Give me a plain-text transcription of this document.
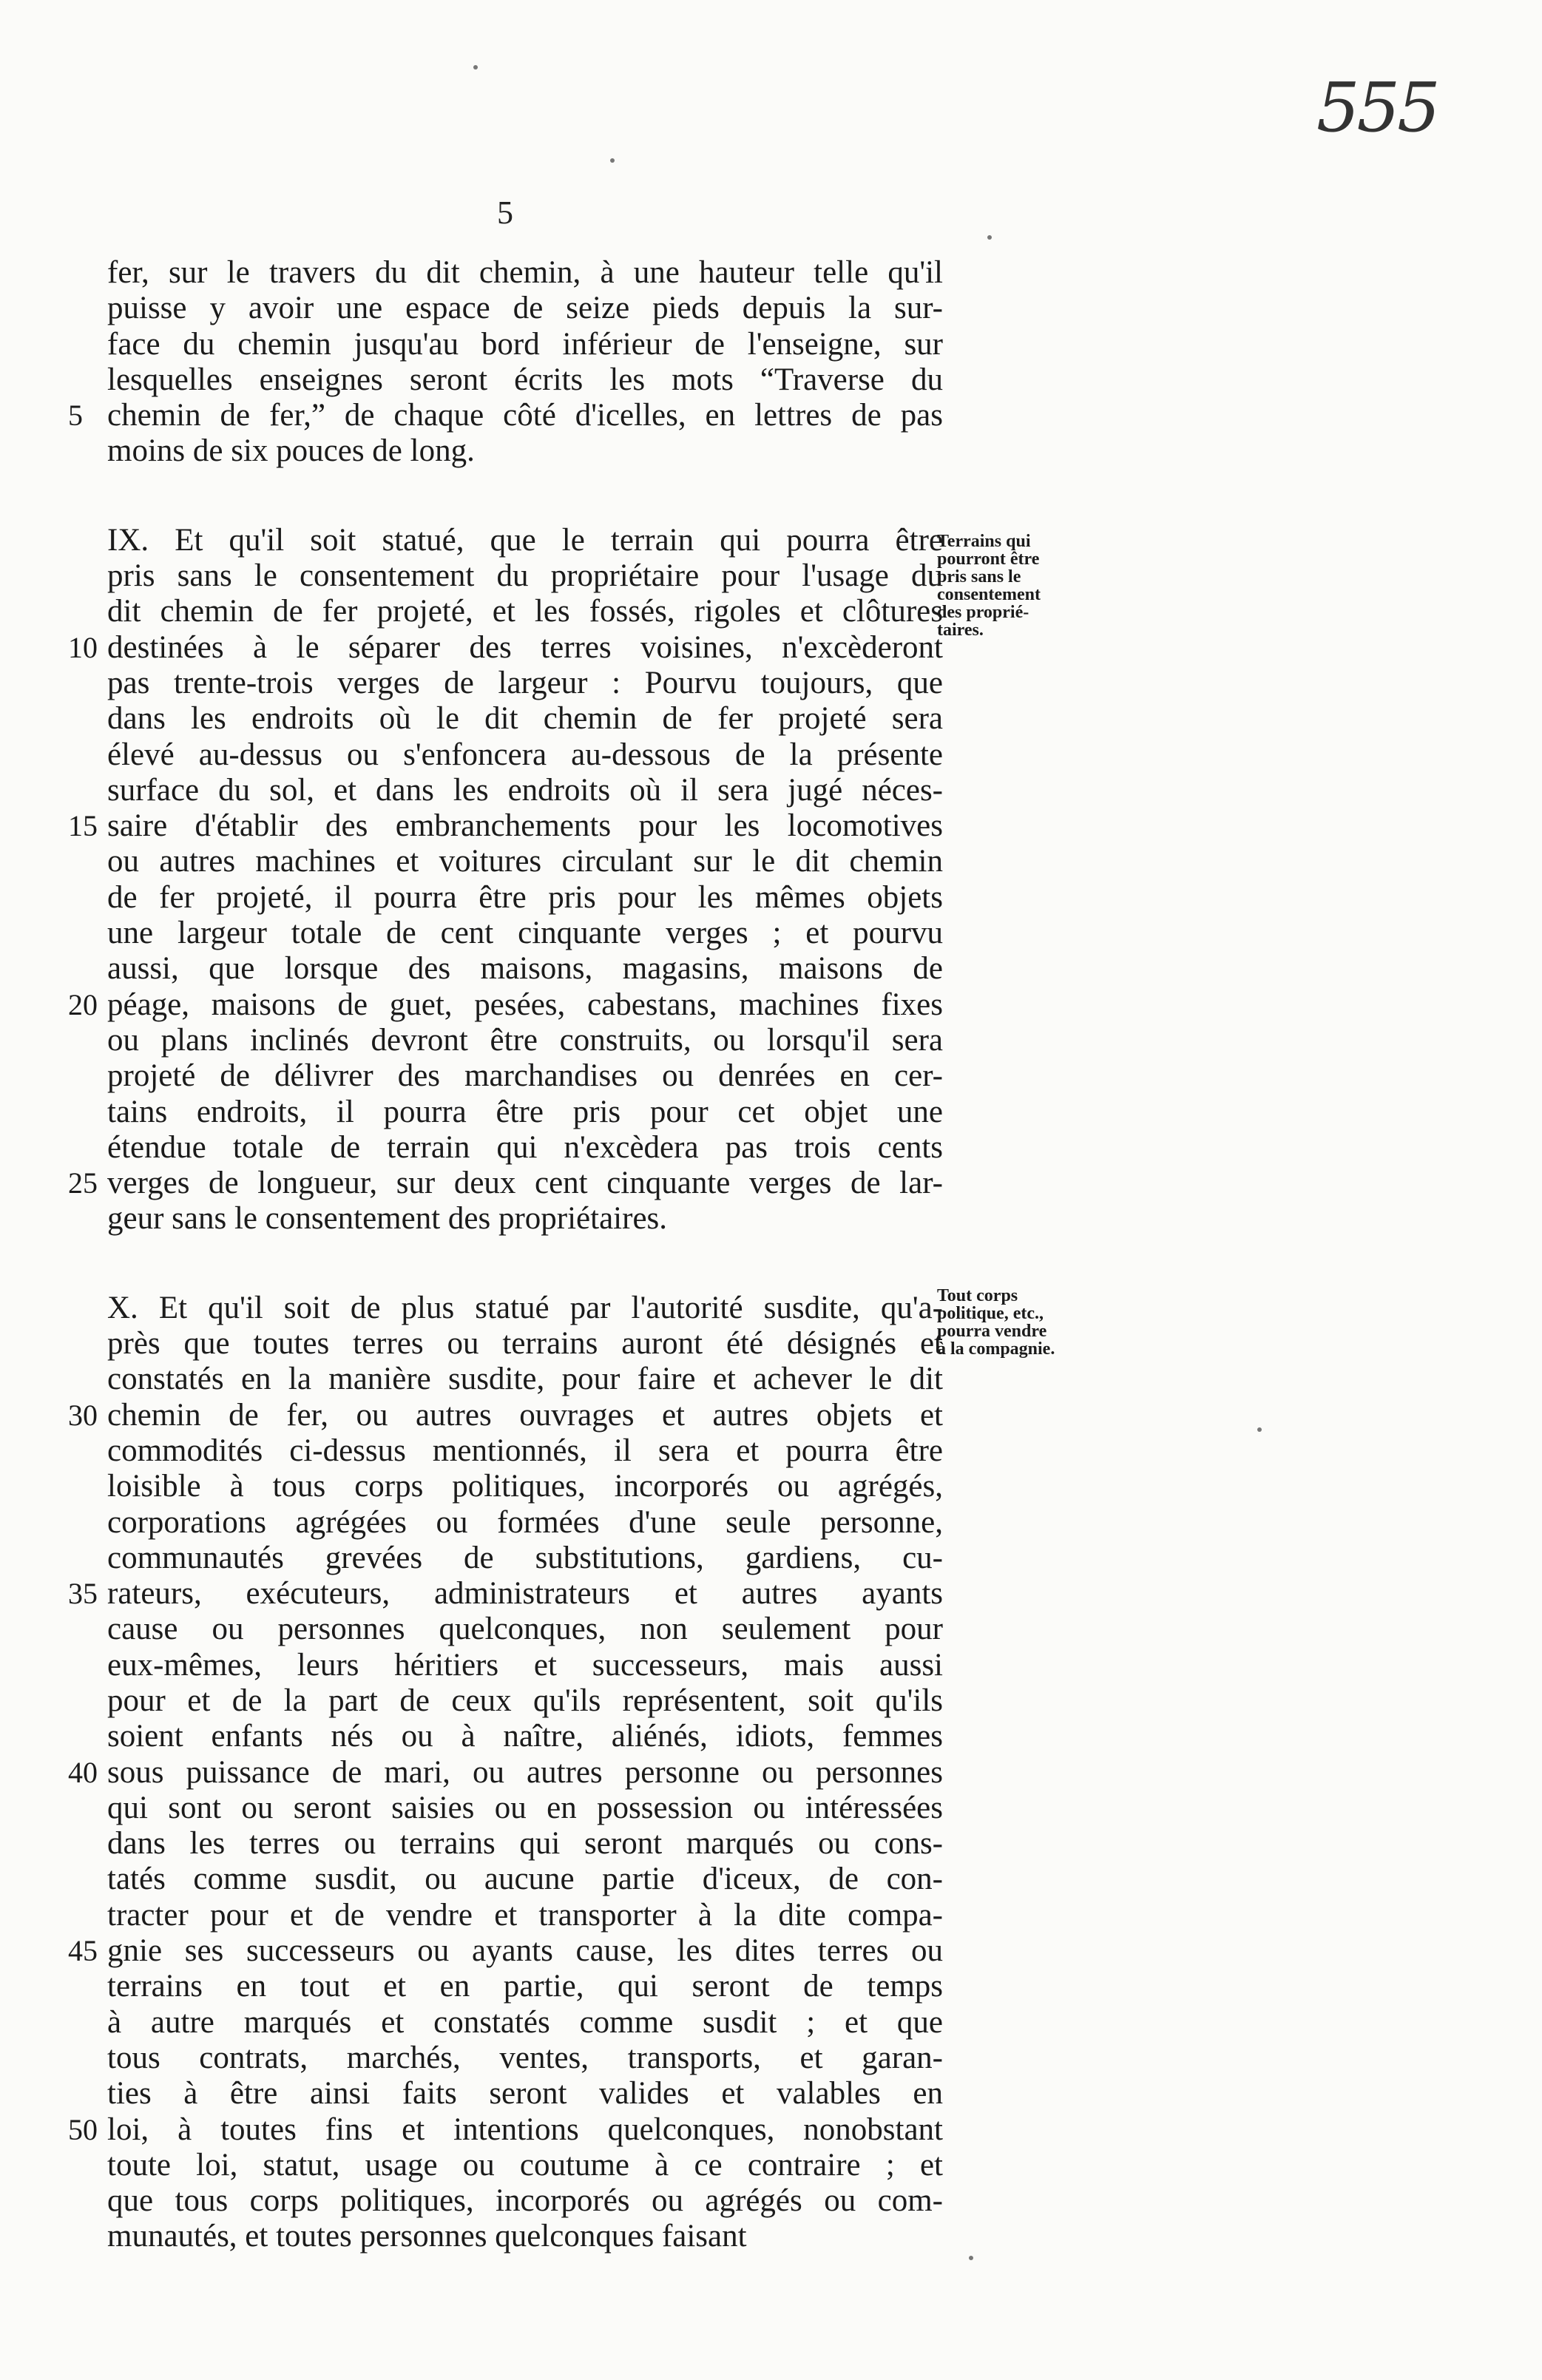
555
5
fer, sur le travers du dit chemin, à une hauteur telle qu'il
puisse y avoir une espace de seize pieds depuis la sur-
face du chemin jusqu'au bord inférieur de l'enseigne, sur
lesquelles enseignes seront écrits les mots “Traverse du
chemin de fer,” de chaque côté d'icelles, en lettres de pas
5
moins de six pouces de long.
IX. Et qu'il soit statué, que le terrain qui pourra être
pris sans le consentement du propriétaire pour l'usage du
dit chemin de fer projeté, et les fossés, rigoles et clôtures
destinées à le séparer des terres voisines, n'excèderont
10
pas trente-trois verges de largeur : Pourvu toujours, que
dans les endroits où le dit chemin de fer projeté sera
élevé au-dessus ou s'enfoncera au-dessous de la présente
surface du sol, et dans les endroits où il sera jugé néces-
saire d'établir des embranchements pour les locomotives
15
ou autres machines et voitures circulant sur le dit chemin
de fer projeté, il pourra être pris pour les mêmes objets
une largeur totale de cent cinquante verges ; et pourvu
aussi, que lorsque des maisons, magasins, maisons de
péage, maisons de guet, pesées, cabestans, machines fixes
20
ou plans inclinés devront être construits, ou lorsqu'il sera
projeté de délivrer des marchandises ou denrées en cer-
tains endroits, il pourra être pris pour cet objet une
étendue totale de terrain qui n'excèdera pas trois cents
verges de longueur, sur deux cent cinquante verges de lar-
25
geur sans le consentement des propriétaires.
X. Et qu'il soit de plus statué par l'autorité susdite, qu'a-
près que toutes terres ou terrains auront été désignés et
constatés en la manière susdite, pour faire et achever le dit
chemin de fer, ou autres ouvrages et autres objets et
30
commodités ci-dessus mentionnés, il sera et pourra être
loisible à tous corps politiques, incorporés ou agrégés,
corporations agrégées ou formées d'une seule personne,
communautés grevées de substitutions, gardiens, cu-
rateurs, exécuteurs, administrateurs et autres ayants
35
cause ou personnes quelconques, non seulement pour
eux-mêmes, leurs héritiers et successeurs, mais aussi
pour et de la part de ceux qu'ils représentent, soit qu'ils
soient enfants nés ou à naître, aliénés, idiots, femmes
sous puissance de mari, ou autres personne ou personnes
40
qui sont ou seront saisies ou en possession ou intéressées
dans les terres ou terrains qui seront marqués ou cons-
tatés comme susdit, ou aucune partie d'iceux, de con-
tracter pour et de vendre et transporter à la dite compa-
gnie ses successeurs ou ayants cause, les dites terres ou
45
terrains en tout et en partie, qui seront de temps
à autre marqués et constatés comme susdit ; et que
tous contrats, marchés, ventes, transports, et garan-
ties à être ainsi faits seront valides et valables en
loi, à toutes fins et intentions quelconques, nonobstant
50
toute loi, statut, usage ou coutume à ce contraire ; et
que tous corps politiques, incorporés ou agrégés ou com-
munautés, et toutes personnes quelconques faisant
Terrains qui
pourront être
pris sans le
consentement
des proprié-
taires.
Tout corps
politique, etc.,
pourra vendre
à la compagnie.
